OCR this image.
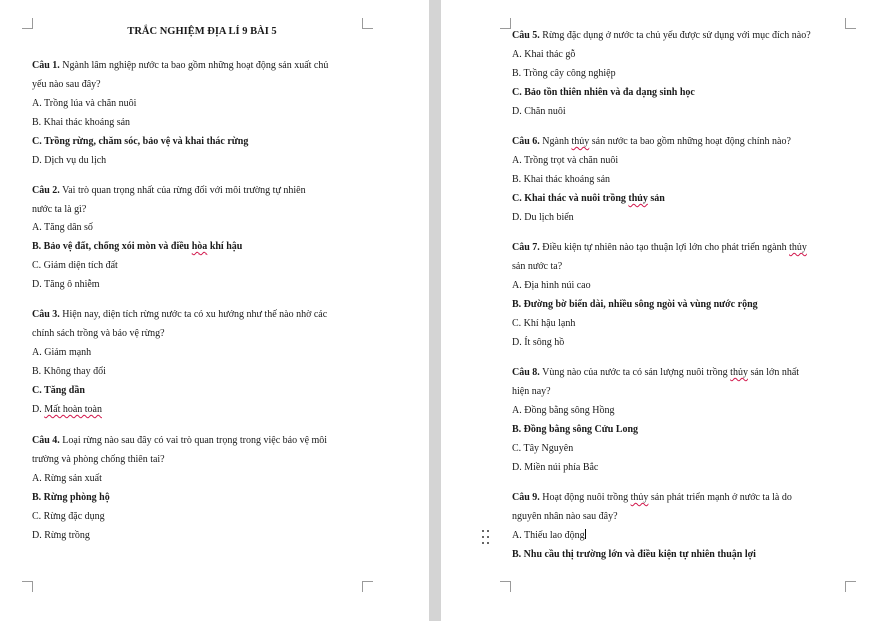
TRẮC NGHIỆM ĐỊA LÍ 9 BÀI 5
Câu 1. Ngành lâm nghiệp nước ta bao gồm những hoạt động sản xuất chủ
yếu nào sau đây?
A. Trồng lúa và chăn nuôi
B. Khai thác khoáng sản
C. Trồng rừng, chăm sóc, bảo vệ và khai thác rừng
D. Dịch vụ du lịch
Câu 2. Vai trò quan trọng nhất của rừng đối với môi trường tự nhiên
nước ta là gì?
A. Tăng dân số
B. Bảo vệ đất, chống xói mòn và điều hòa khí hậu
C. Giảm diện tích đất
D. Tăng ô nhiễm
Câu 3. Hiện nay, diện tích rừng nước ta có xu hướng như thế nào nhờ các
chính sách trồng và bảo vệ rừng?
A. Giảm mạnh
B. Không thay đổi
C. Tăng dần
D. Mất hoàn toàn
Câu 4. Loại rừng nào sau đây có vai trò quan trọng trong việc bảo vệ môi
trường và phòng chống thiên tai?
A. Rừng sản xuất
B. Rừng phòng hộ
C. Rừng đặc dụng
D. Rừng trồng
Câu 5. Rừng đặc dụng ở nước ta chủ yếu được sử dụng với mục đích nào?
A. Khai thác gỗ
B. Trồng cây công nghiệp
C. Bảo tồn thiên nhiên và đa dạng sinh học
D. Chăn nuôi
Câu 6. Ngành thủy sản nước ta bao gồm những hoạt động chính nào?
A. Trồng trọt và chăn nuôi
B. Khai thác khoáng sản
C. Khai thác và nuôi trồng thủy sản
D. Du lịch biển
Câu 7. Điều kiện tự nhiên nào tạo thuận lợi lớn cho phát triển ngành thủy
sản nước ta?
A. Địa hình núi cao
B. Đường bờ biển dài, nhiều sông ngòi và vùng nước rộng
C. Khí hậu lạnh
D. Ít sông hồ
Câu 8. Vùng nào của nước ta có sản lượng nuôi trồng thủy sản lớn nhất
hiện nay?
A. Đồng bằng sông Hồng
B. Đồng bằng sông Cửu Long
C. Tây Nguyên
D. Miền núi phía Bắc
Câu 9. Hoạt động nuôi trồng thủy sản phát triển mạnh ở nước ta là do
nguyên nhân nào sau đây?
A. Thiếu lao động
B. Nhu cầu thị trường lớn và điều kiện tự nhiên thuận lợi
